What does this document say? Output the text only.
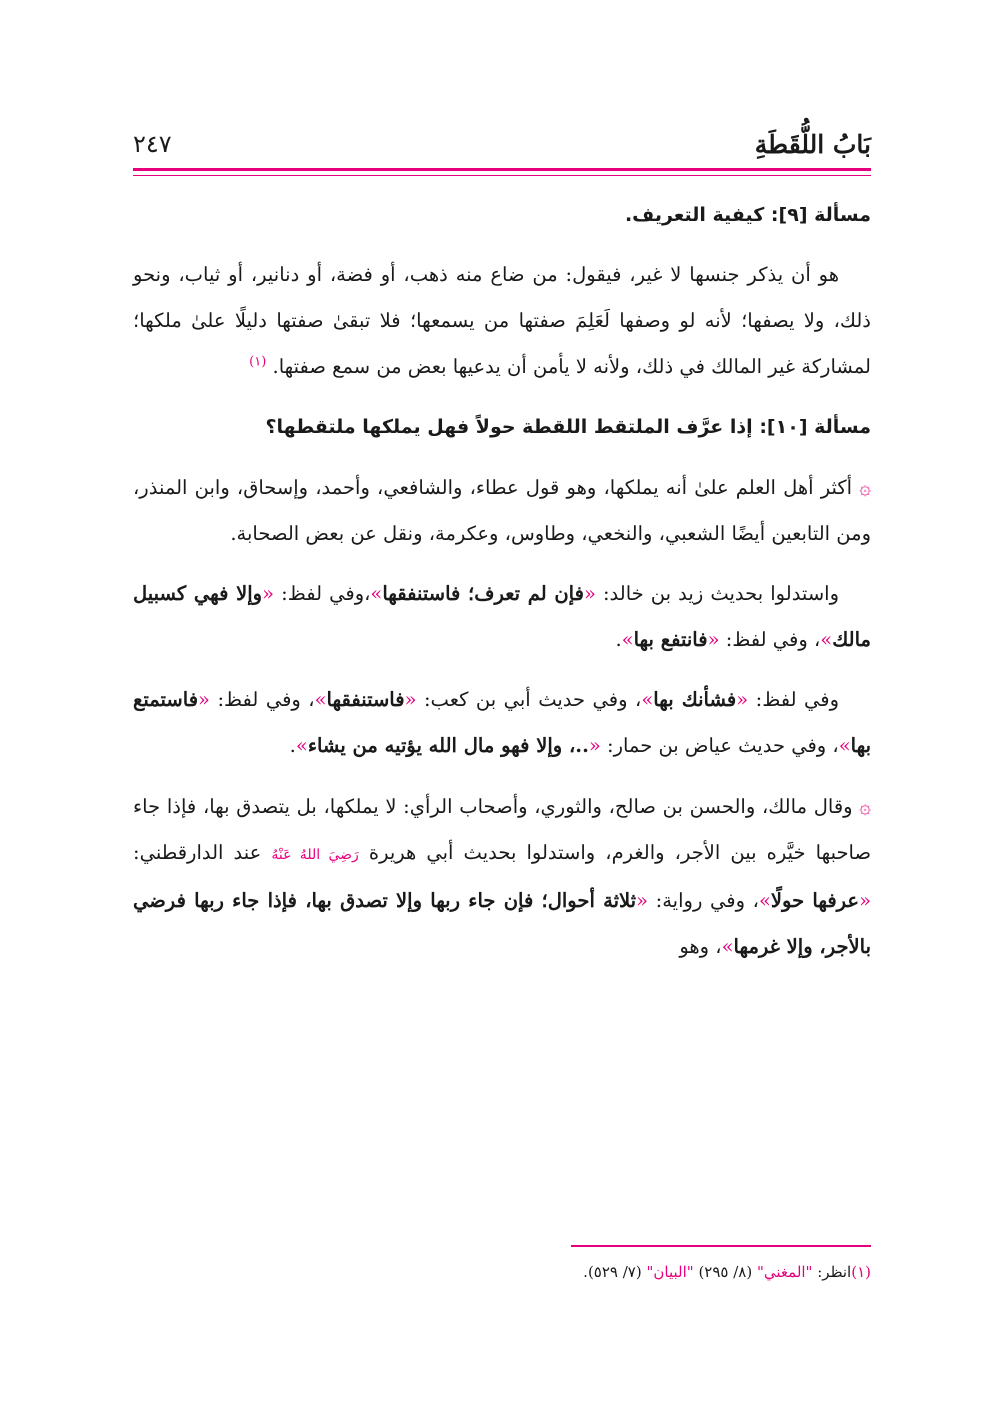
بَابُ اللُّقَطَةِ
٢٤٧
مسألة [٩]: كيفية التعريف.

هو أن يذكر جنسها لا غير، فيقول: من ضاع منه ذهب، أو فضة، أو دنانير، أو ثياب، ونحو ذلك، ولا يصفها؛ لأنه لو وصفها لَعَلِمَ صفتها من يسمعها؛ فلا تبقىٰ صفتها دليلًا علىٰ ملكها؛ لمشاركة غير المالك في ذلك، ولأنه لا يأمن أن يدعيها بعض من سمع صفتها. $^{(١)}$

مسألة [١٠]: إذا عرَّف الملتقط اللقطة حولاً فهل يملكها ملتقطها؟

۞ أكثر أهل العلم علىٰ أنه يملكها، وهو قول عطاء، والشافعي، وأحمد، وإسحاق، وابن المنذر، ومن التابعين أيضًا الشعبي، والنخعي، وطاوس، وعكرمة، ونقل عن بعض الصحابة.

واستدلوا بحديث زيد بن خالد: «فإن لم تعرف؛ فاستنفقها»،وفي لفظ: «وإلا فهي كسبيل مالك»، وفي لفظ: «فانتفع بها».

وفي لفظ: «فشأنك بها»، وفي حديث أبي بن كعب: «فاستنفقها»، وفي لفظ: «فاستمتع بها»، وفي حديث عياض بن حمار: «..، وإلا فهو مال الله يؤتيه من يشاء».

۞ وقال مالك، والحسن بن صالح، والثوري، وأصحاب الرأي: لا يملكها، بل يتصدق بها، فإذا جاء صاحبها خيَّره بين الأجر، والغرم، واستدلوا بحديث أبي هريرة رَضِيَ اللهُ عَنْهُ عند الدارقطني: «عرفها حولًا»، وفي رواية: «ثلاثة أحوال؛ فإن جاء ربها وإلا تصدق بها، فإذا جاء ربها فرضي بالأجر، وإلا غرمها»، وهو

(١)انظر: "المغني" (٨/ ٢٩٥) "البيان" (٧/ ٥٢٩).
